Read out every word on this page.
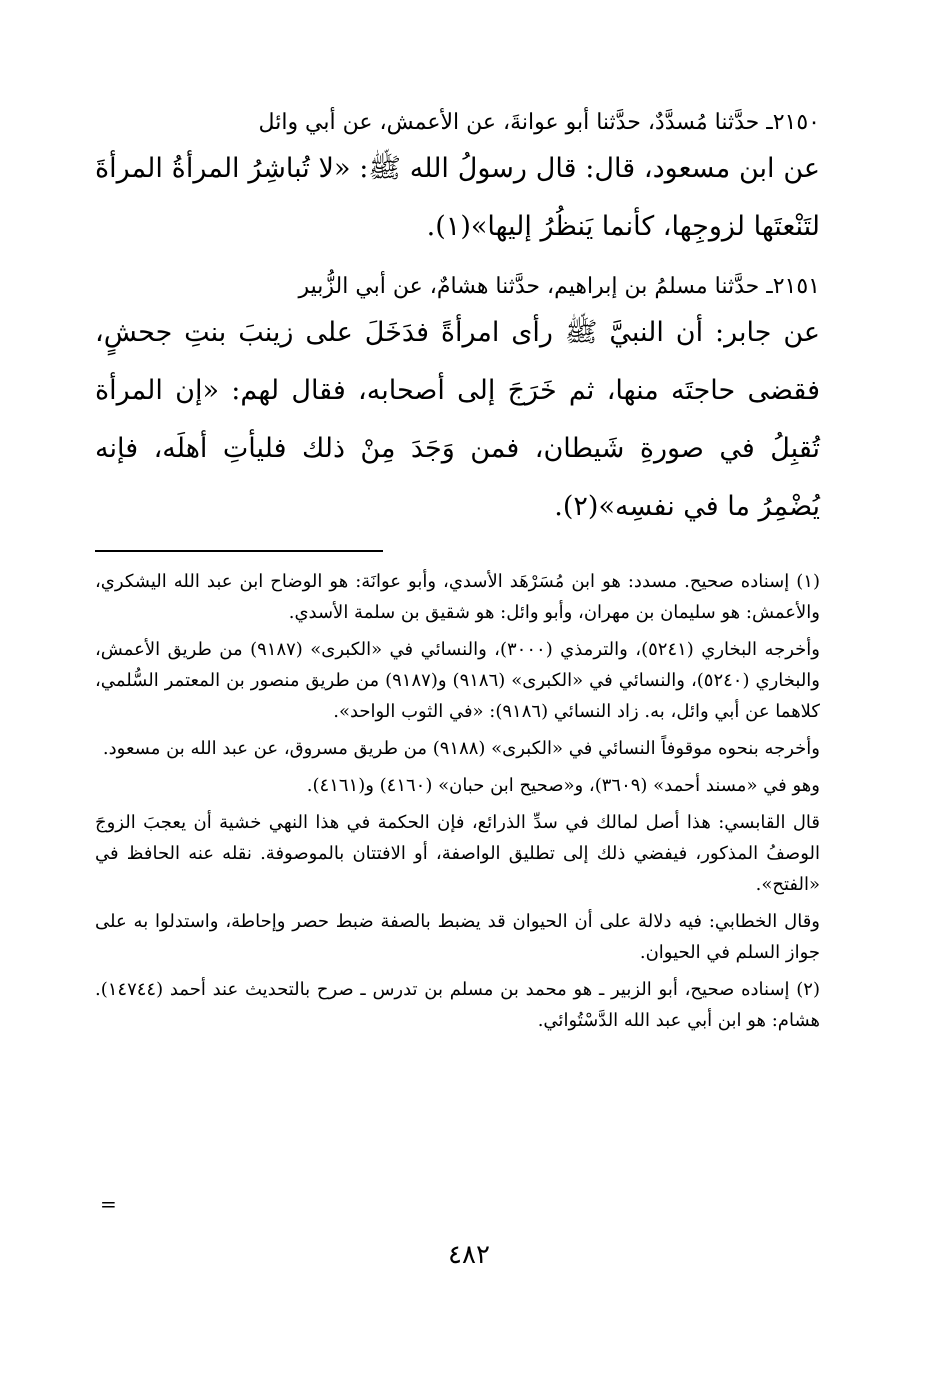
٢١٥٠ـ حدَّثنا مُسدَّدٌ، حدَّثنا أبو عوانةَ، عن الأعمش، عن أبي وائل

عن ابن مسعود، قال: قال رسولُ الله ﷺ: «لا تُباشِرُ المرأةُ المرأةَ لتَنْعتَها لزوجِها، كأنما يَنظُرُ إليها»(١).

٢١٥١ـ حدَّثنا مسلمُ بن إبراهيم، حدَّثنا هشامٌ، عن أبي الزُّبير

عن جابر: أن النبيَّ ﷺ رأى امرأةً فدَخَلَ على زينبَ بنتِ جحشٍ، فقضى حاجتَه منها، ثم خَرَجَ إلى أصحابه، فقال لهم: «إن المرأة تُقبِلُ في صورةِ شَيطان، فمن وَجَدَ مِنْ ذلك فليأتِ أهلَه، فإنه يُضْمِرُ ما في نفسِه»(٢).

(١) إسناده صحيح. مسدد: هو ابن مُسَرْهَد الأسدي، وأبو عوانَة: هو الوضاح ابن عبد الله اليشكري، والأعمش: هو سليمان بن مهران، وأبو وائل: هو شقيق بن سلمة الأسدي.

وأخرجه البخاري (٥٢٤١)، والترمذي (٣٠٠٠)، والنسائي في «الكبرى» (٩١٨٧) من طريق الأعمش، والبخاري (٥٢٤٠)، والنسائي في «الكبرى» (٩١٨٦) و(٩١٨٧) من طريق منصور بن المعتمر السُّلمي، كلاهما عن أبي وائل، به. زاد النسائي (٩١٨٦): «في الثوب الواحد».

وأخرجه بنحوه موقوفاً النسائي في «الكبرى» (٩١٨٨) من طريق مسروق، عن عبد الله بن مسعود.

وهو في «مسند أحمد» (٣٦٠٩)، و«صحيح ابن حبان» (٤١٦٠) و(٤١٦١).

قال القابسي: هذا أصل لمالك في سدِّ الذرائع، فإن الحكمة في هذا النهي خشية أن يعجبَ الزوجَ الوصفُ المذكور، فيفضي ذلك إلى تطليق الواصفة، أو الافتتان بالموصوفة. نقله عنه الحافظ في «الفتح».

وقال الخطابي: فيه دلالة على أن الحيوان قد يضبط بالصفة ضبط حصر وإحاطة، واستدلوا به على جواز السلم في الحيوان.

(٢) إسناده صحيح، أبو الزبير ـ هو محمد بن مسلم بن تدرس ـ صرح بالتحديث عند أحمد (١٤٧٤٤). هشام: هو ابن أبي عبد الله الدَّسْتُوائي.

=
٤٨٢
